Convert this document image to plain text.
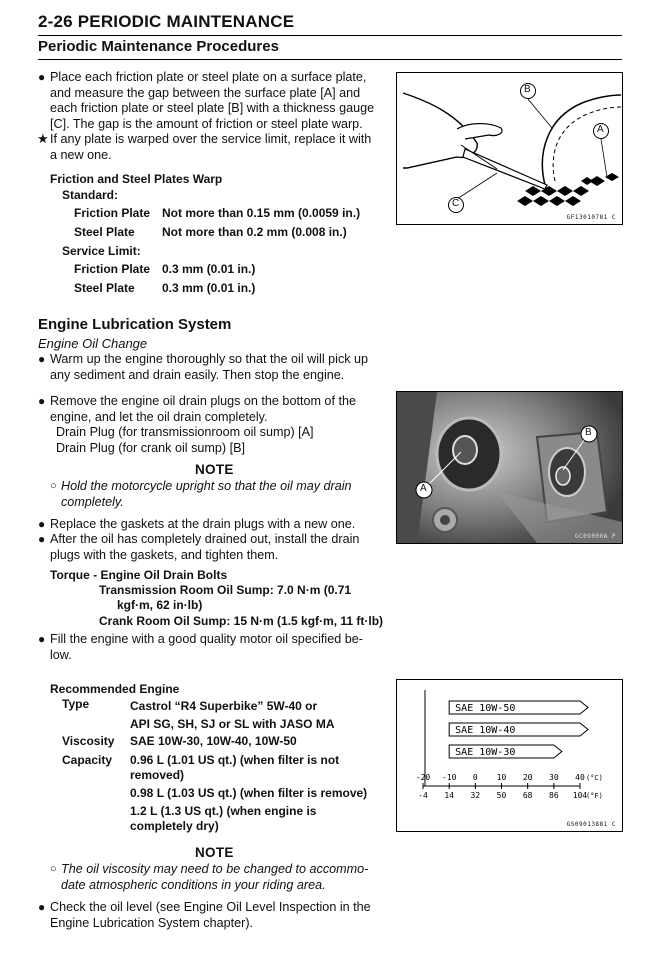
2-26 PERIODIC MAINTENANCE
Periodic Maintenance Procedures
● Place each friction plate or steel plate on a surface plate,
and measure the gap between the surface plate [A] and
each friction plate or steel plate [B] with a thickness gauge
[C]. The gap is the amount of friction or steel plate warp.
★ If any plate is warped over the service limit, replace it with
a new one.
Friction and Steel Plates Warp
Standard:
Friction Plate Not more than 0.15 mm (0.0059 in.)
Steel Plate Not more than 0.2 mm (0.008 in.)
Service Limit:
Friction Plate 0.3 mm (0.01 in.)
Steel Plate 0.3 mm (0.01 in.)
B
A
C
GF13010781 C
Engine Lubrication System
Engine Oil Change
● Warm up the engine thoroughly so that the oil will pick up
any sediment and drain easily. Then stop the engine.
● Remove the engine oil drain plugs on the bottom of the
engine, and let the oil drain completely.
Drain Plug (for transmissionroom oil sump) [A]
Drain Plug (for crank oil sump) [B]
NOTE
○ Hold the motorcycle upright so that the oil may drain
completely.
● Replace the gaskets at the drain plugs with a new one.
● After the oil has completely drained out, install the drain
plugs with the gaskets, and tighten them.
Torque - Engine Oil Drain Bolts
Transmission Room Oil Sump: 7.0 N·m (0.71
kgf·m, 62 in·lb)
Crank Room Oil Sump: 15 N·m (1.5 kgf·m, 11 ft·lb)
● Fill the engine with a good quality motor oil specified be-
low.
Recommended Engine
Type	Castrol “R4 Superbike” 5W-40 or
API SG, SH, SJ or SL with JASO MA
Viscosity SAE 10W-30, 10W-40, 10W-50
Capacity 0.96 L (1.01 US qt.) (when filter is not
removed)
0.98 L (1.03 US qt.) (when filter is remove)
1.2 L (1.3 US qt.) (when engine is
completely dry)
NOTE
○ The oil viscosity may need to be changed to accommo-
date atmospheric conditions in your riding area.
● Check the oil level (see Engine Oil Level Inspection in the
Engine Lubrication System chapter).
A
B
GC09000A P
SAE 10W-50
SAE 10W-40
SAE 10W-30
-20 -10 0 10 20 30 40 (°C)
-4 14 32 50 68 86 104
(°F)
GS09013881 C
